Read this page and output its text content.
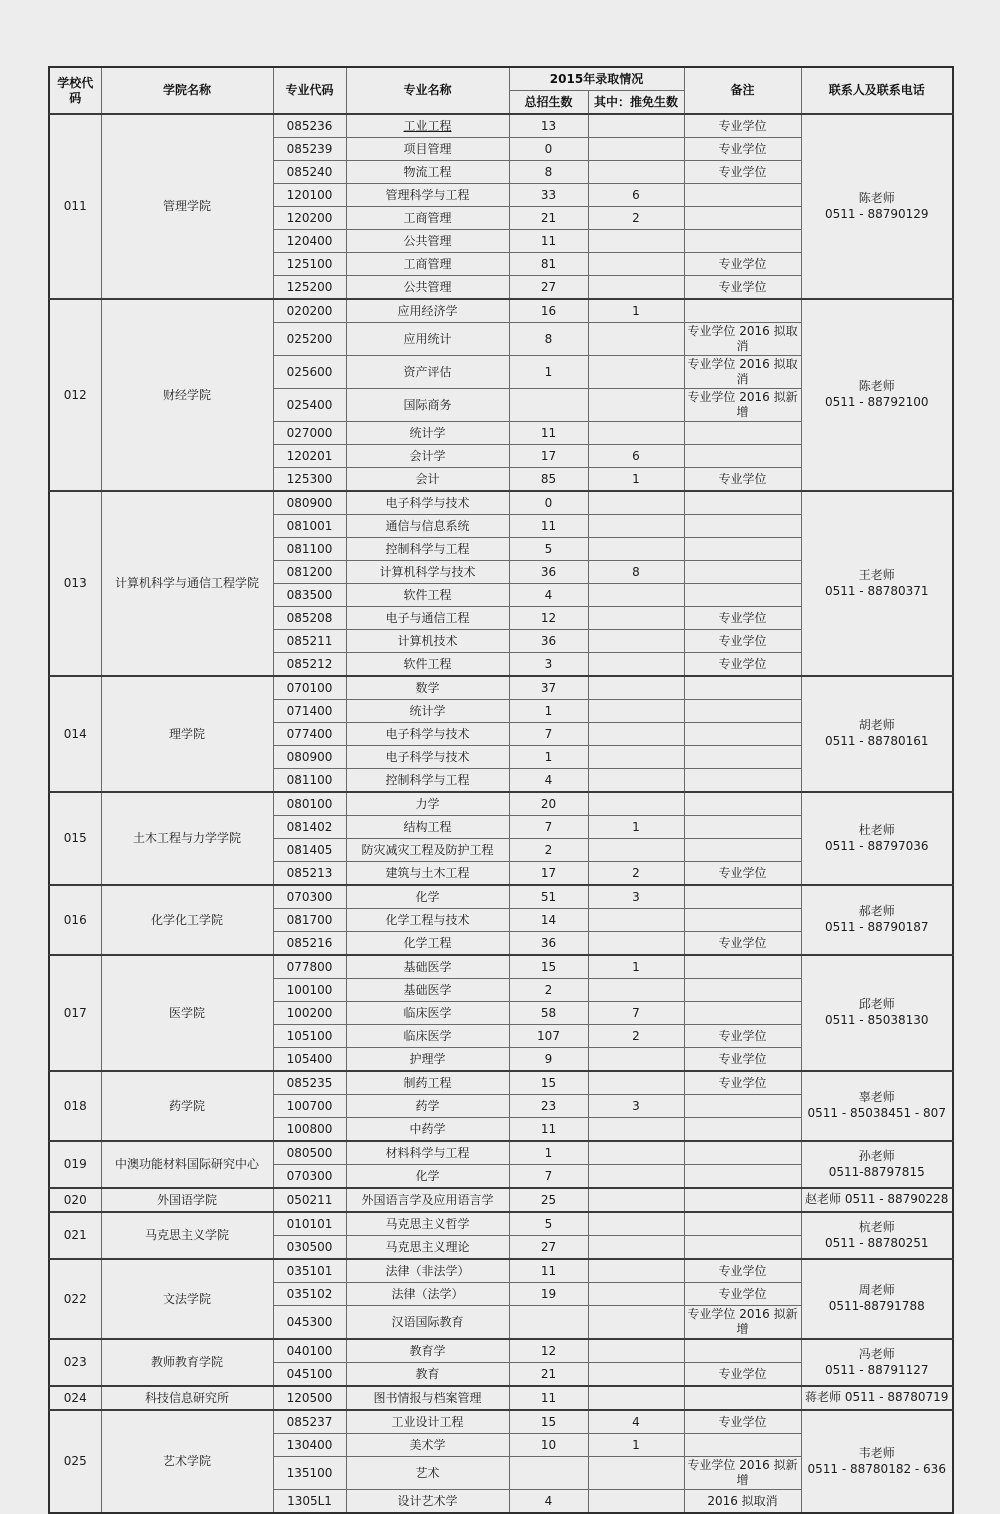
学校代码	学院名称	专业代码	专业名称	2015年录取情况		备注	联系人及联系电话
				总招生数	其中：推免生数		
011	管理学院	085236	工业工程	13		专业学位	陈老师
0511 - 88790129

		085239	项目管理	0		专业学位	
		085240	物流工程	8		专业学位	
		120100	管理科学与工程	33	6		
		120200	工商管理	21	2		
		120400	公共管理	11			
		125100	工商管理	81		专业学位	
		125200	公共管理	27		专业学位	
012	财经学院	020200	应用经济学	16	1		陈老师
0511 - 88792100

		025200	应用统计	8		专业学位 2016 拟取消	
		025600	资产评估	1		专业学位 2016 拟取消	
		025400	国际商务			专业学位 2016 拟新增	
		027000	统计学	11			
		120201	会计学	17	6		
		125300	会计	85	1	专业学位	
013	计算机科学与通信工程学院	080900	电子科学与技术	0			王老师
0511 - 88780371

		081001	通信与信息系统	11			
		081100	控制科学与工程	5			
		081200	计算机科学与技术	36	8		
		083500	软件工程	4			
		085208	电子与通信工程	12		专业学位	
		085211	计算机技术	36		专业学位	
		085212	软件工程	3		专业学位	
014	理学院	070100	数学	37			胡老师
0511 - 88780161

		071400	统计学	1			
		077400	电子科学与技术	7			
		080900	电子科学与技术	1			
		081100	控制科学与工程	4			
015	土木工程与力学学院	080100	力学	20			杜老师
0511 - 88797036

		081402	结构工程	7	1		
		081405	防灾减灾工程及防护工程	2			
		085213	建筑与土木工程	17	2	专业学位	
016	化学化工学院	070300	化学	51	3		郝老师
0511 - 88790187

		081700	化学工程与技术	14			
		085216	化学工程	36		专业学位	
017	医学院	077800	基础医学	15	1		邱老师
0511 - 85038130

		100100	基础医学	2			
		100200	临床医学	58	7		
		105100	临床医学	107	2	专业学位	
		105400	护理学	9		专业学位	
018	药学院	085235	制药工程	15		专业学位	辜老师
0511 - 85038451 - 807

		100700	药学	23	3		
		100800	中药学	11			
019	中澳功能材料国际研究中心	080500	材料科学与工程	1			孙老师
0511-88797815

		070300	化学	7			
020	外国语学院	050211	外国语言学及应用语言学	25			赵老师 0511 - 88790228

021	马克思主义学院	010101	马克思主义哲学	5			杭老师
0511 - 88780251

		030500	马克思主义理论	27			
022	文法学院	035101	法律（非法学）	11		专业学位	周老师
0511-88791788

		035102	法律（法学）	19		专业学位	
		045300	汉语国际教育			专业学位 2016 拟新增	
023	教师教育学院	040100	教育学	12			冯老师
0511 - 88791127

		045100	教育	21		专业学位	
024	科技信息研究所	120500	图书情报与档案管理	11			蒋老师 0511 - 88780719

025	艺术学院	085237	工业设计工程	15	4	专业学位	韦老师
0511 - 88780182 - 636

		130400	美术学	10	1		
		135100	艺术			专业学位 2016 拟新增	
		1305L1	设计艺术学	4		2016 拟取消	
